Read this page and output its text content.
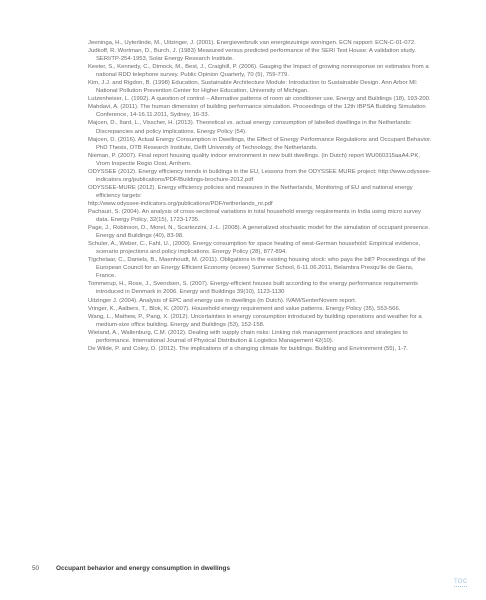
Jeeninga, H., Uyterlinde, M., Uitzinger, J. (2001). Energieverbruik van energiezuinige woningen. ECN rapport: ECN-C-01-072.

Judkoff, R. Wortman, D., Burch, J. (1983) Measured versus predicted performance of the SERI Test House: A validation study. SERI/TP-254-1953, Solar Energy Research Institute.

Keeter, S., Kennedy, C., Dimock, M., Best, J., Craighill, P. (2006). Gauging the Impact of growing nonresponse on estimates from a national RDD telephone survey. Public Opinion Quarterly, 70 (5), 759-779.

Kim, J.J. and Rigdon, B. (1998) Education, Sustainable Architecture Module: Introduction to Sustainable Design. Ann Arbor MI: National Pollution Prevention Center for Higher Education, University of Michigan.

Lutzenheiser, L. (1992). A question of control – Alternative patterns of room air conditioner use. Energy and Buildings (18), 193-200.

Mahdavi, A. (2011). The human dimension of building performance simulation. Proceedings of the 12th IBPSA Building Simulation Conference, 14-16.11.2011, Sydney, 16-33.

Majcen, D., Itard, L., Visscher, H. (2013). Theoretical vs. actual energy consumption of labelled dwellings in the Netherlands: Discrepancies and policy implications. Energy Policy (54).

Majcen, D. (2016). Actual Energy Consumption in Dwellings, the Effect of Energy Performance Regulations and Occupant Behavior. PhD Thesis, OTB Research Institute, Delft University of Technology, the Netherlands.

Nieman, P. (2007). Final report housing quality indoor environment in new built dwellings. (in Dutch) report WU060315aaA4.PK, Vrom Inspectie Regio Oost, Arnhem.

ODYSSEE (2012). Energy efficiency trends in buildings in the EU, Lessons from the ODYSSEE MURE project: http://www.odyssee-indicators.org/publications/PDF/Buildings-brochure-2012.pdf

ODYSSEE-MURE (2012). Energy efficiency policies and measures in the Netherlands, Monitoring of EU and national energy efficiency targets:

http://www.odyssee-indicators.org/publications/PDF/netherlands_nr.pdf

Pachauri, S. (2004). An analysis of cross-sectional variations in total household energy requirements in India using micro survey data. Energy Policy, 32(15), 1723-1735.

Page, J., Robinson, D., Morel, N., Scartezzini, J.-L. (2008). A generalized stochastic model for the simulation of occupant presence. Energy and Buildings (40), 83-98.

Schuler, A., Weber, C., Fahl, U., (2000). Energy consumption for space heating of west-German household: Empirical evidence, scenario projections and policy implications. Energy Policy (28), 877-894.

Tigchelaar, C., Daniels, B., Maenhoudt, M. (2011). Obligations in the existing housing stock: who pays the bill? Proceedings of the European Council for an Energy Efficient Economy (eceee) Summer School, 6-11.06.2011, Belambra Presqu'ile de Giens, France.

Tommerup, H., Rose, J., Svendsen, S. (2007). Energy-efficient houses built according to the energy performance requirements introduced in Denmark in 2006. Energy and Buildings 39(10), 1123-1130

Uitzinger J. (2004). Analysis of EPC and energy use in dwellings (in Dutch). IVAM/SenterNovem report.

Vringer, K., Aalbers, T., Blok, K. (2007). Household energy requirement and value patterns. Energy Policy (35), 553-566.

Wang, L., Mathew, P., Pang, X. (2012). Uncertainties in energy consumption introduced by building operations and weather for a medium-size office building. Energy and Buildings (53), 152-158.

Wieland, A., Wallenburg, C.M. (2012). Dealing with supply chain risks: Linking risk management practices and strategies to performance. International Journal of Physical Distribution & Logistics Management 42(10).

De Wilde, P. and Coley, D. (2012). The implications of a changing climate for buildings. Building and Environment (55), 1-7.

50	Occupant behavior and energy consumption in dwellings
TOC
